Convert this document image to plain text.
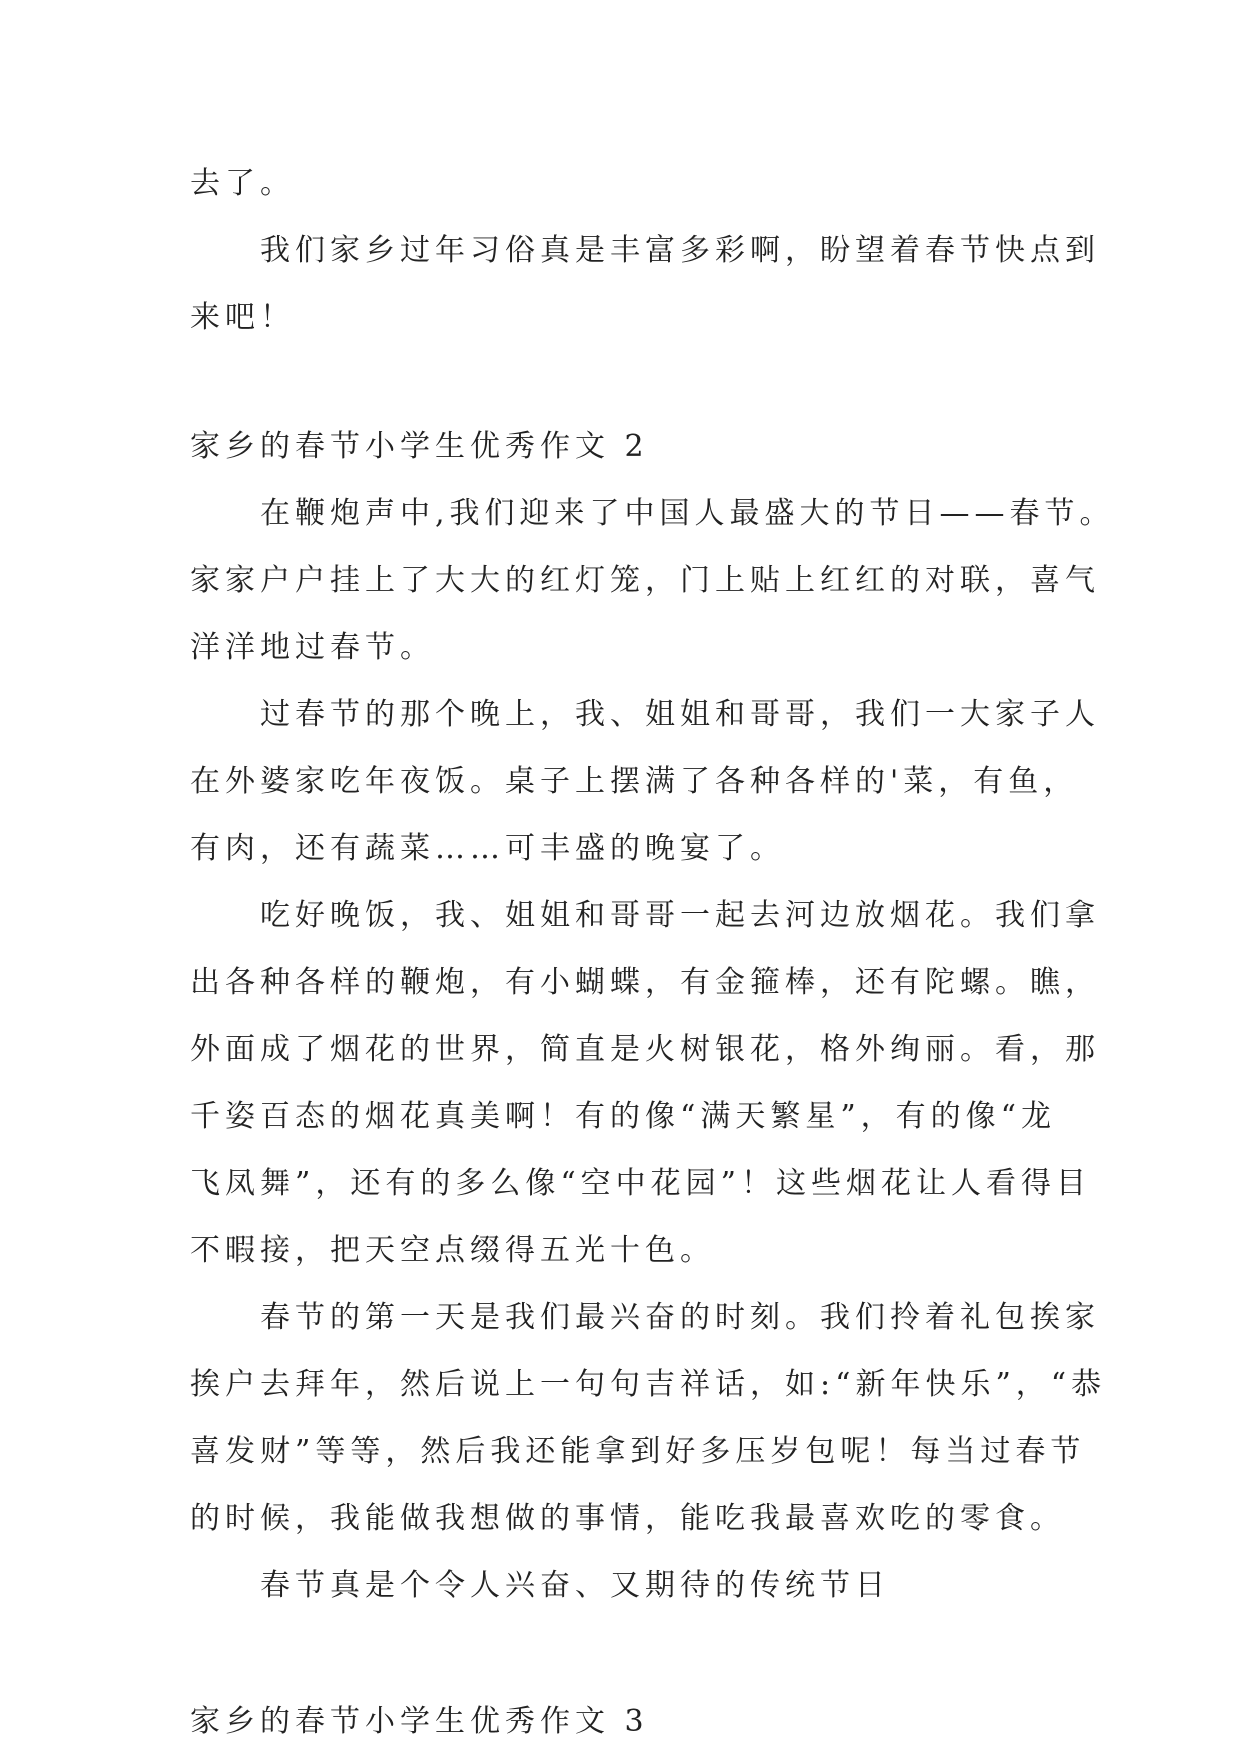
去了。
我们家乡过年习俗真是丰富多彩啊，盼望着春节快点到
来吧！
家乡的春节小学生优秀作文 2
在鞭炮声中,我们迎来了中国人最盛大的节日——春节。
家家户户挂上了大大的红灯笼，门上贴上红红的对联，喜气
洋洋地过春节。
过春节的那个晚上，我、姐姐和哥哥，我们一大家子人
在外婆家吃年夜饭。桌子上摆满了各种各样的'菜，有鱼，
有肉，还有蔬菜……可丰盛的晚宴了。
吃好晚饭，我、姐姐和哥哥一起去河边放烟花。我们拿
出各种各样的鞭炮，有小蝴蝶，有金箍棒，还有陀螺。瞧，
外面成了烟花的世界，简直是火树银花，格外绚丽。看，那
千姿百态的烟花真美啊！有的像“满天繁星”，有的像“龙
飞凤舞”，还有的多么像“空中花园”！这些烟花让人看得目
不暇接，把天空点缀得五光十色。
春节的第一天是我们最兴奋的时刻。我们拎着礼包挨家
挨户去拜年，然后说上一句句吉祥话，如:“新年快乐”，“恭
喜发财”等等，然后我还能拿到好多压岁包呢！每当过春节
的时候，我能做我想做的事情，能吃我最喜欢吃的零食。
春节真是个令人兴奋、又期待的传统节日
家乡的春节小学生优秀作文 3
